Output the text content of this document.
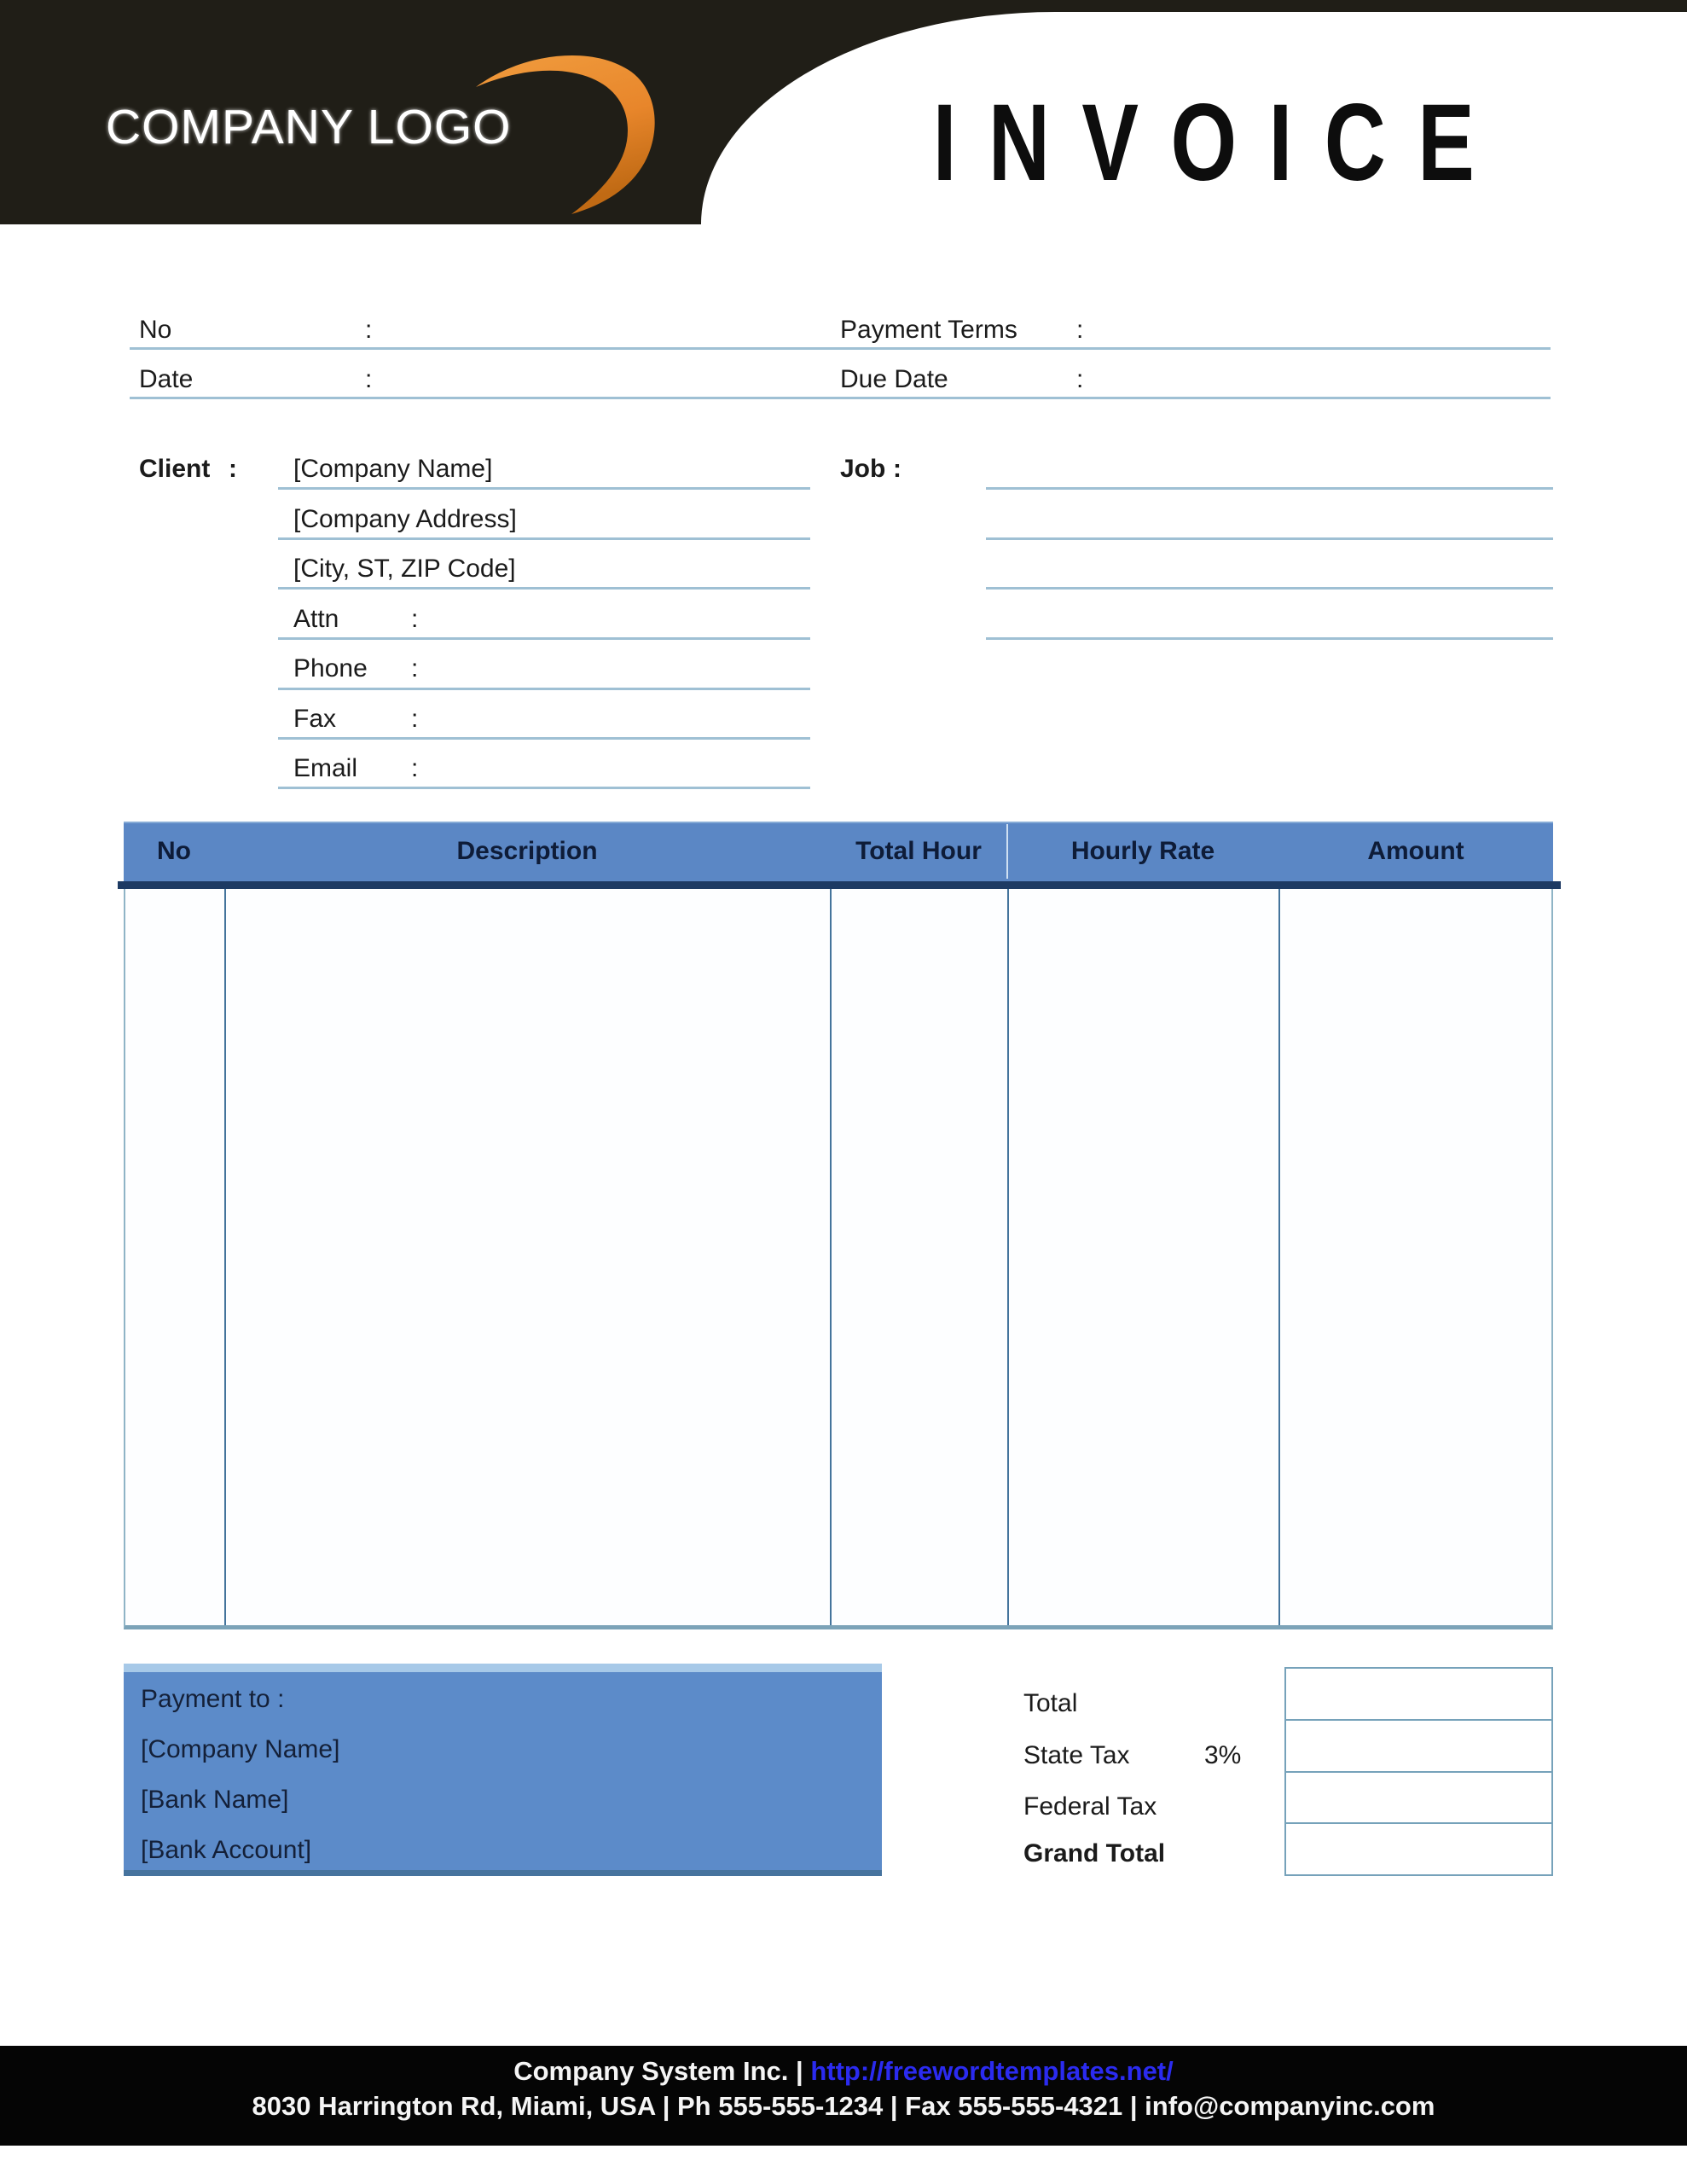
COMPANY LOGO	INVOICE
No	:	Payment Terms :
Date	:	Due Date	:
Client : [Company Name]
[Company Address]
[City, ST, ZIP Code]
Attn	:
Phone :
Fax	:
Email :
Job :
No	Description	Total Hour	Hourly Rate	Amount
Payment to :
[Company Name]
[Bank Name]
[Bank Account]
Total
State Tax	3%
Federal Tax
Grand Total
Company System Inc. | http://freewordtemplates.net/
8030 Harrington Rd, Miami, USA | Ph 555-555-1234 | Fax 555-555-4321 | info@companyinc.com
